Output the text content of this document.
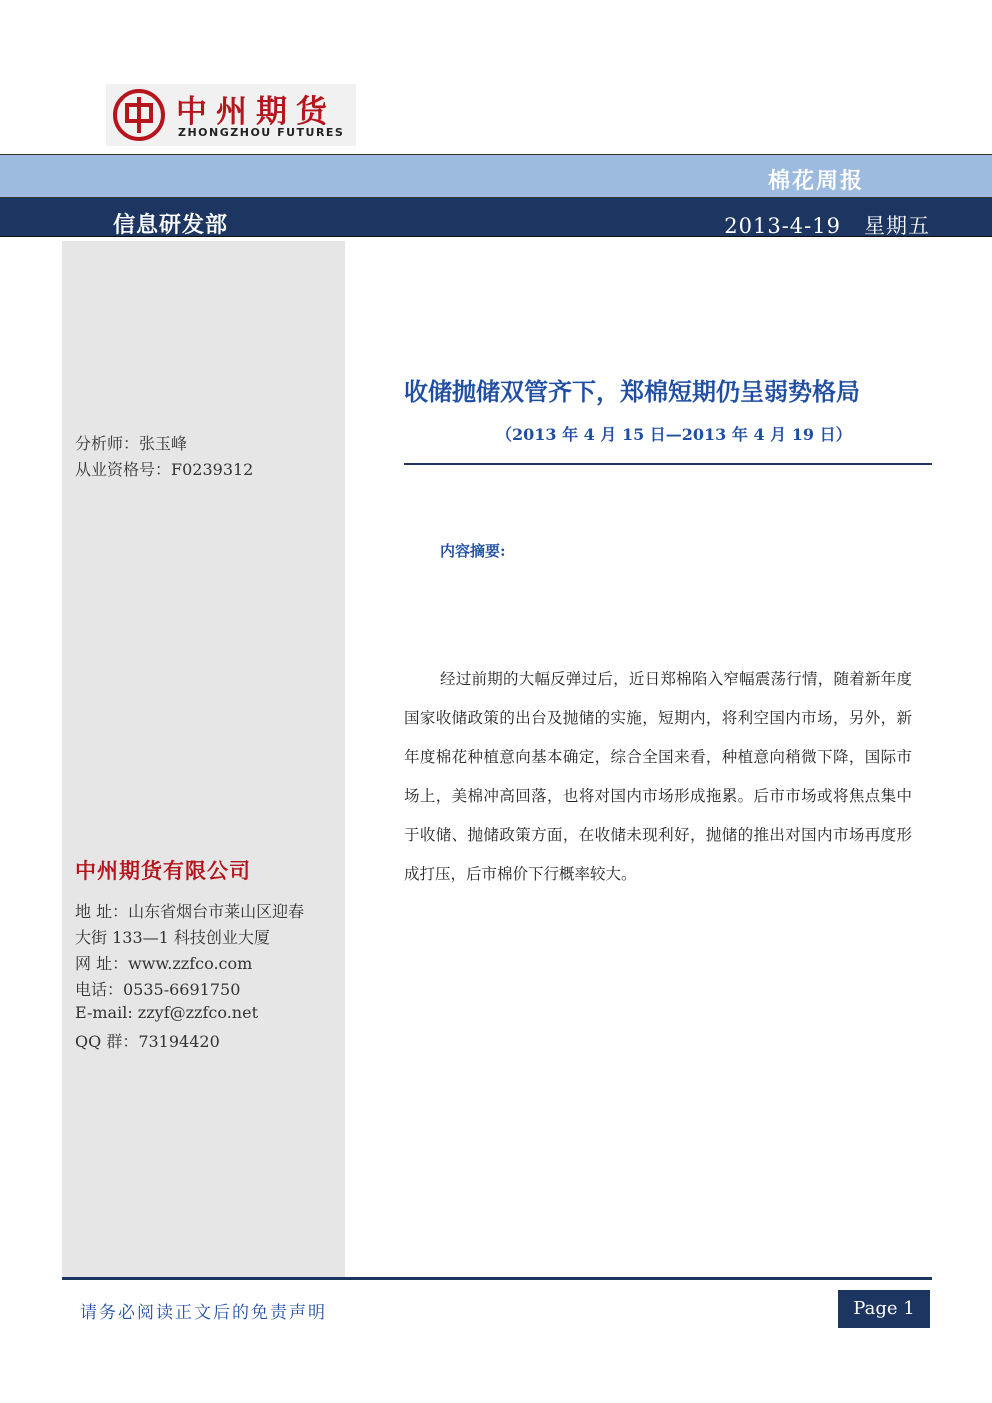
中州期货
ZHONGZHOU FUTURES
棉花周报
信息研发部	2013-4-19 星期五
分析师：张玉峰
从业资格号：F0239312
中州期货有限公司
地 址：山东省烟台市莱山区迎春
大街 133—1 科技创业大厦
网 址：www.zzfco.com
电话：0535-6691750
E-mail: zzyf@zzfco.net
QQ 群：73194420
收储抛储双管齐下，郑棉短期仍呈弱势格局
（2013 年 4 月 15 日—2013 年 4 月 19 日）
内容摘要:
经过前期的大幅反弹过后，近日郑棉陷入窄幅震荡行情，随着新年度国家收储政策的出台及抛储的实施，短期内，将利空国内市场，另外，新年度棉花种植意向基本确定，综合全国来看，种植意向稍微下降，国际市场上，美棉冲高回落，也将对国内市场形成拖累。后市市场或将焦点集中于收储、抛储政策方面，在收储未现利好，抛储的推出对国内市场再度形成打压，后市棉价下行概率较大。
请务必阅读正文后的免责声明	Page 1
